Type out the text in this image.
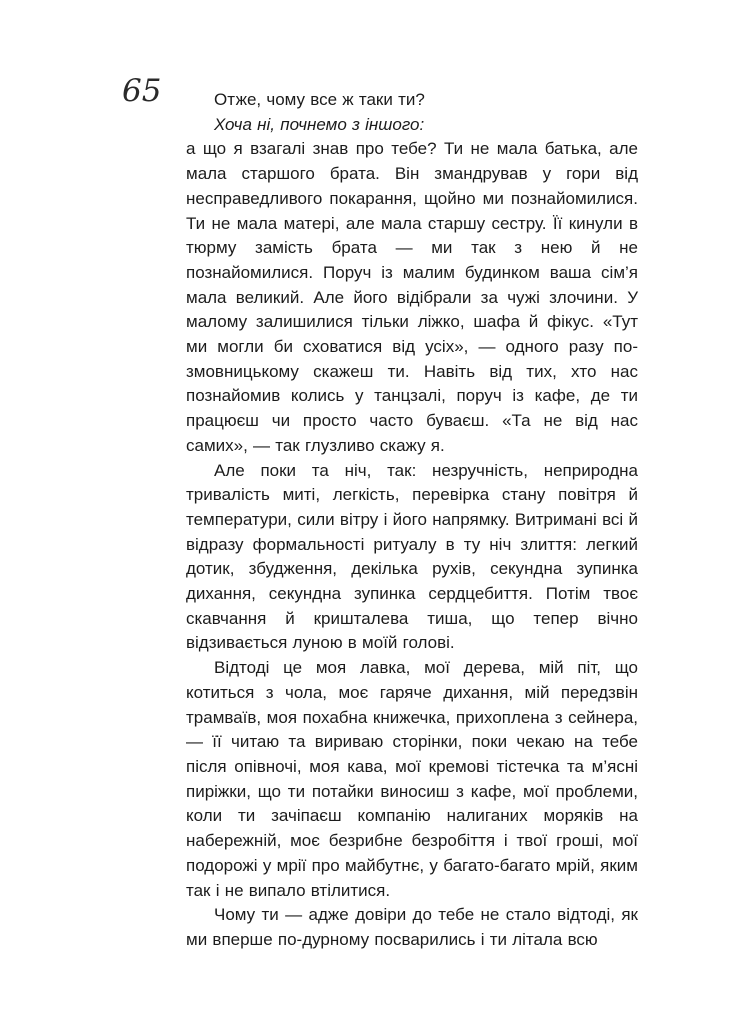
65	Отже, чому все ж таки ти?

Хоча ні, почнемо з іншого:

а що я взагалі знав про тебе? Ти не мала батька, але мала старшого брата. Він змандрував у гори від несправедливого покарання, щойно ми познайомилися. Ти не мала матері, але мала старшу сестру. Її кинули в тюрму замість брата — ми так з нею й не познайомилися. Поруч із малим будинком ваша сім’я мала великий. Але його відібрали за чужі злочини. У малому залишилися тільки ліжко, шафа й фікус. «Тут ми могли би сховатися від усіх», — одного разу по-змовницькому скажеш ти. Навіть від тих, хто нас познайомив колись у танцзалі, поруч із кафе, де ти працюєш чи просто часто буваєш. «Та не від нас самих», — так глузливо скажу я.

Але поки та ніч, так: незручність, неприродна тривалість миті, легкість, перевірка стану повітря й температури, сили вітру і його напрямку. Витримані всі й відразу формальності ритуалу в ту ніч злиття: легкий дотик, збудження, декілька рухів, секундна зупинка дихання, секундна зупинка сердцебиття. Потім твоє скавчання й кришталева тиша, що тепер вічно відзивається луною в моїй голові.

Відтоді це моя лавка, мої дерева, мій піт, що котиться з чола, моє гаряче дихання, мій передзвін трамваїв, моя похабна книжечка, прихоплена з сейнера, — її читаю та вириваю сторінки, поки чекаю на тебе після опівночі, моя кава, мої кремові тістечка та м’ясні пиріжки, що ти потайки виносиш з кафе, мої проблеми, коли ти зачіпаєш компанію налиганих моряків на набережній, моє безрибне безробіття і твої гроші, мої подорожі у мрії про майбутнє, у багато-багато мрій, яким так і не випало втілитися.

Чому ти — адже довіри до тебе не стало відтоді, як ми вперше по-дурному посварились і ти літала всю
